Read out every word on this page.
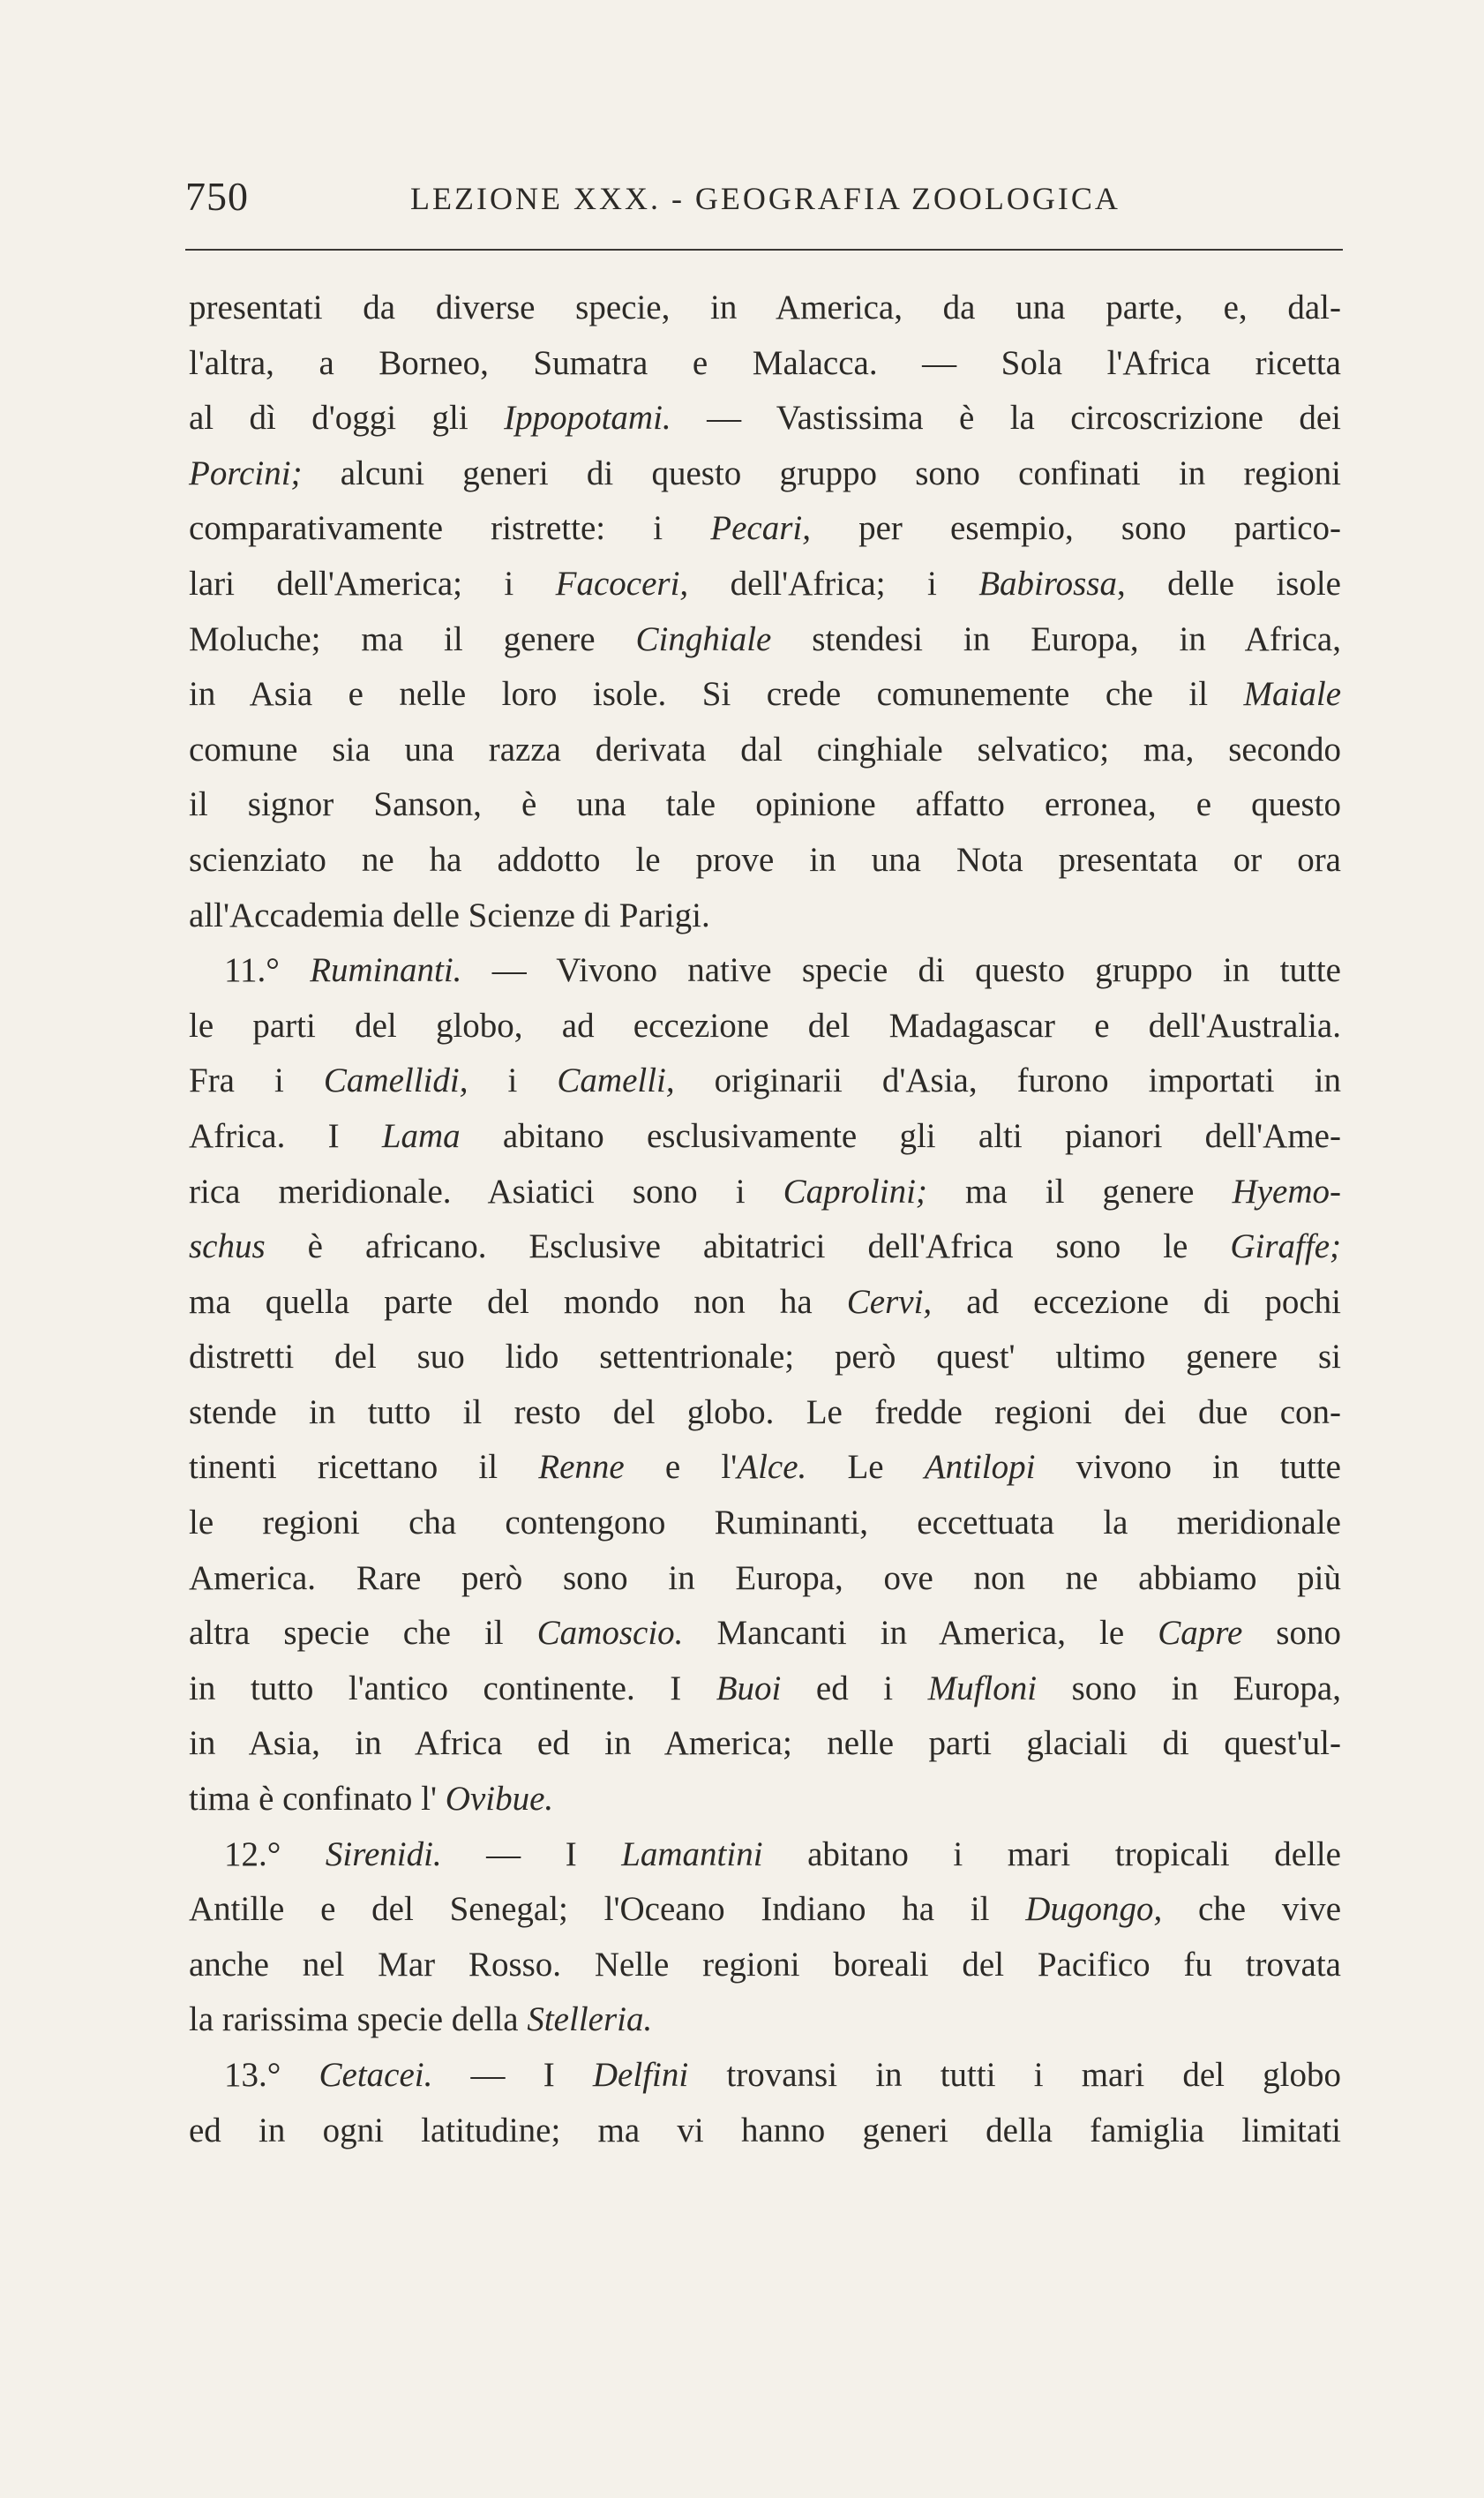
750	LEZIONE XXX. - GEOGRAFIA ZOOLOGICA
presentati da diverse specie, in America, da una parte, e, dal-
l'altra, a Borneo, Sumatra e Malacca. — Sola l'Africa ricetta
al dì d'oggi gli Ippopotami. — Vastissima è la circoscrizione dei
Porcini; alcuni generi di questo gruppo sono confinati in regioni
comparativamente ristrette: i Pecari, per esempio, sono partico-
lari dell'America; i Facoceri, dell'Africa; i Babirossa, delle isole
Moluche; ma il genere Cinghiale stendesi in Europa, in Africa,
in Asia e nelle loro isole. Si crede comunemente che il Maiale
comune sia una razza derivata dal cinghiale selvatico; ma, secondo
il signor Sanson, è una tale opinione affatto erronea, e questo
scienziato ne ha addotto le prove in una Nota presentata or ora
all'Accademia delle Scienze di Parigi.
11.° Ruminanti. — Vivono native specie di questo gruppo in tutte
le parti del globo, ad eccezione del Madagascar e dell'Australia.
Fra i Camellidi, i Camelli, originarii d'Asia, furono importati in
Africa. I Lama abitano esclusivamente gli alti pianori dell'Ame-
rica meridionale. Asiatici sono i Caprolini; ma il genere Hyemo-
schus è africano. Esclusive abitatrici dell'Africa sono le Giraffe;
ma quella parte del mondo non ha Cervi, ad eccezione di pochi
distretti del suo lido settentrionale; però quest' ultimo genere si
stende in tutto il resto del globo. Le fredde regioni dei due con-
tinenti ricettano il Renne e l'Alce. Le Antilopi vivono in tutte
le regioni cha contengono Ruminanti, eccettuata la meridionale
America. Rare però sono in Europa, ove non ne abbiamo più
altra specie che il Camoscio. Mancanti in America, le Capre sono
in tutto l'antico continente. I Buoi ed i Mufloni sono in Europa,
in Asia, in Africa ed in America; nelle parti glaciali di quest'ul-
tima è confinato l' Ovibue.
12.° Sirenidi. — I Lamantini abitano i mari tropicali delle
Antille e del Senegal; l'Oceano Indiano ha il Dugongo, che vive
anche nel Mar Rosso. Nelle regioni boreali del Pacifico fu trovata
la rarissima specie della Stelleria.
13.° Cetacei. — I Delfini trovansi in tutti i mari del globo
ed in ogni latitudine; ma vi hanno generi della famiglia limitati
